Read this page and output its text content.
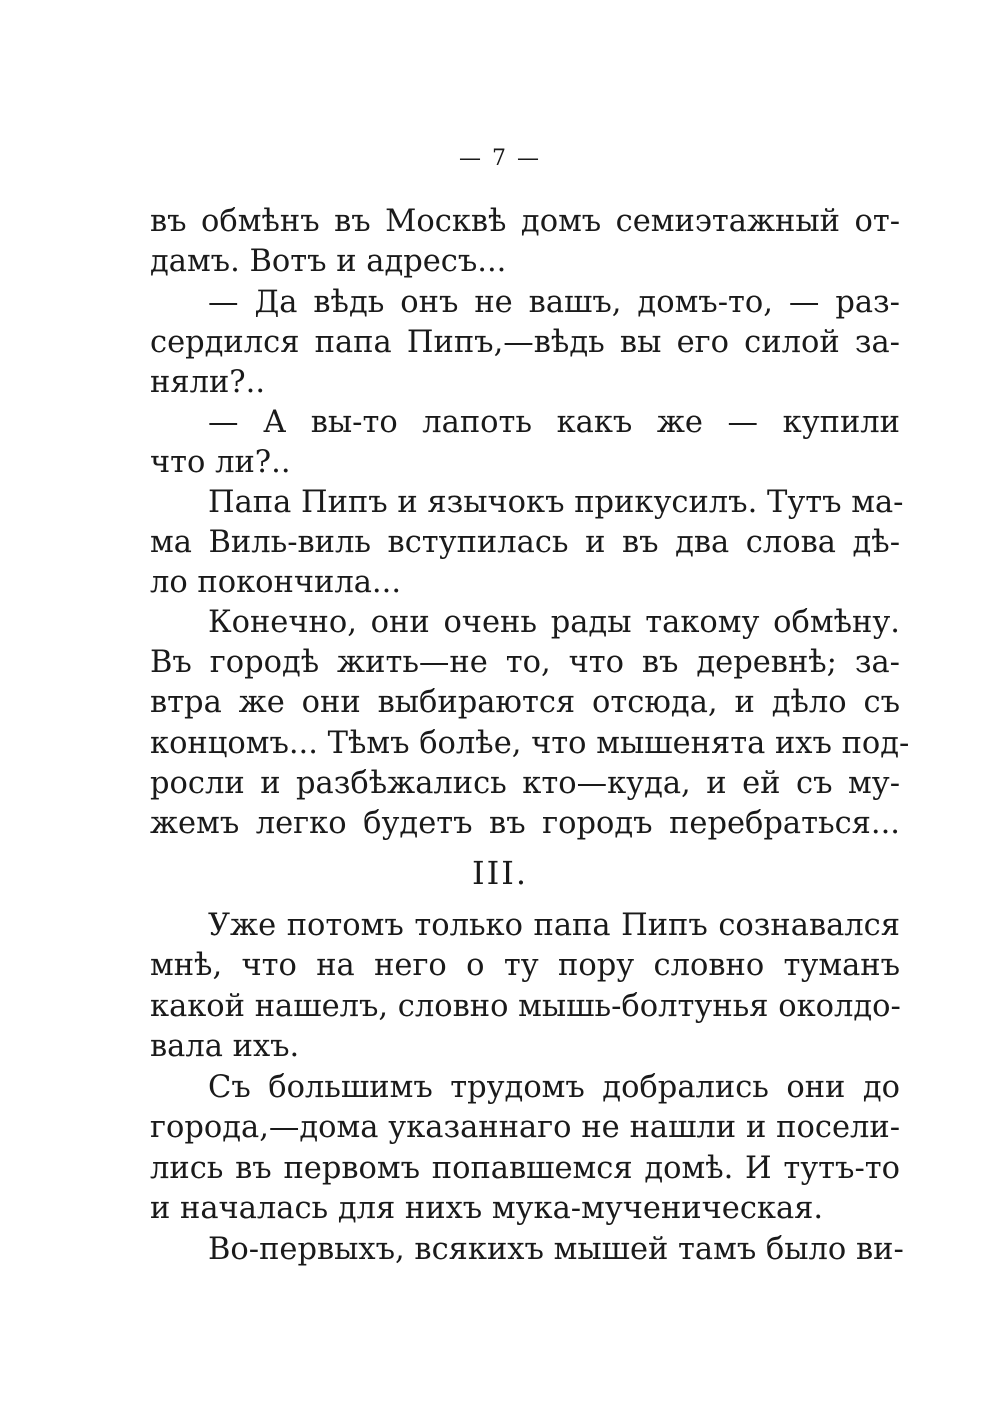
— 7 —
въ обмѣнъ въ Москвѣ домъ семиэтажный от-
дамъ. Вотъ и адресъ...
— Да вѣдь онъ не вашъ, домъ-то, — раз-
сердился папа Пипъ,—вѣдь вы его силой за-
няли?..
— А вы-то лапоть какъ же — купили
что ли?..
Папа Пипъ и язычокъ прикусилъ. Тутъ ма-
ма Виль-виль вступилась и въ два слова дѣ-
ло покончила...
Конечно, они очень рады такому обмѣну.
Въ городѣ жить—не то, что въ деревнѣ; за-
втра же они выбираются отсюда, и дѣло съ
концомъ... Тѣмъ болѣе, что мышенята ихъ под-
росли и разбѣжались кто—куда, и ей съ му-
жемъ легко будетъ въ городъ перебраться...
III.
Уже потомъ только папа Пипъ сознавался
мнѣ, что на него о ту пору словно туманъ
какой нашелъ, словно мышь-болтунья околдо-
вала ихъ.
Съ большимъ трудомъ добрались они до
города,—дома указаннаго не нашли и посели-
лись въ первомъ попавшемся домѣ. И тутъ-то
и началась для нихъ мука-мученическая.
Во-первыхъ, всякихъ мышей тамъ было ви-
